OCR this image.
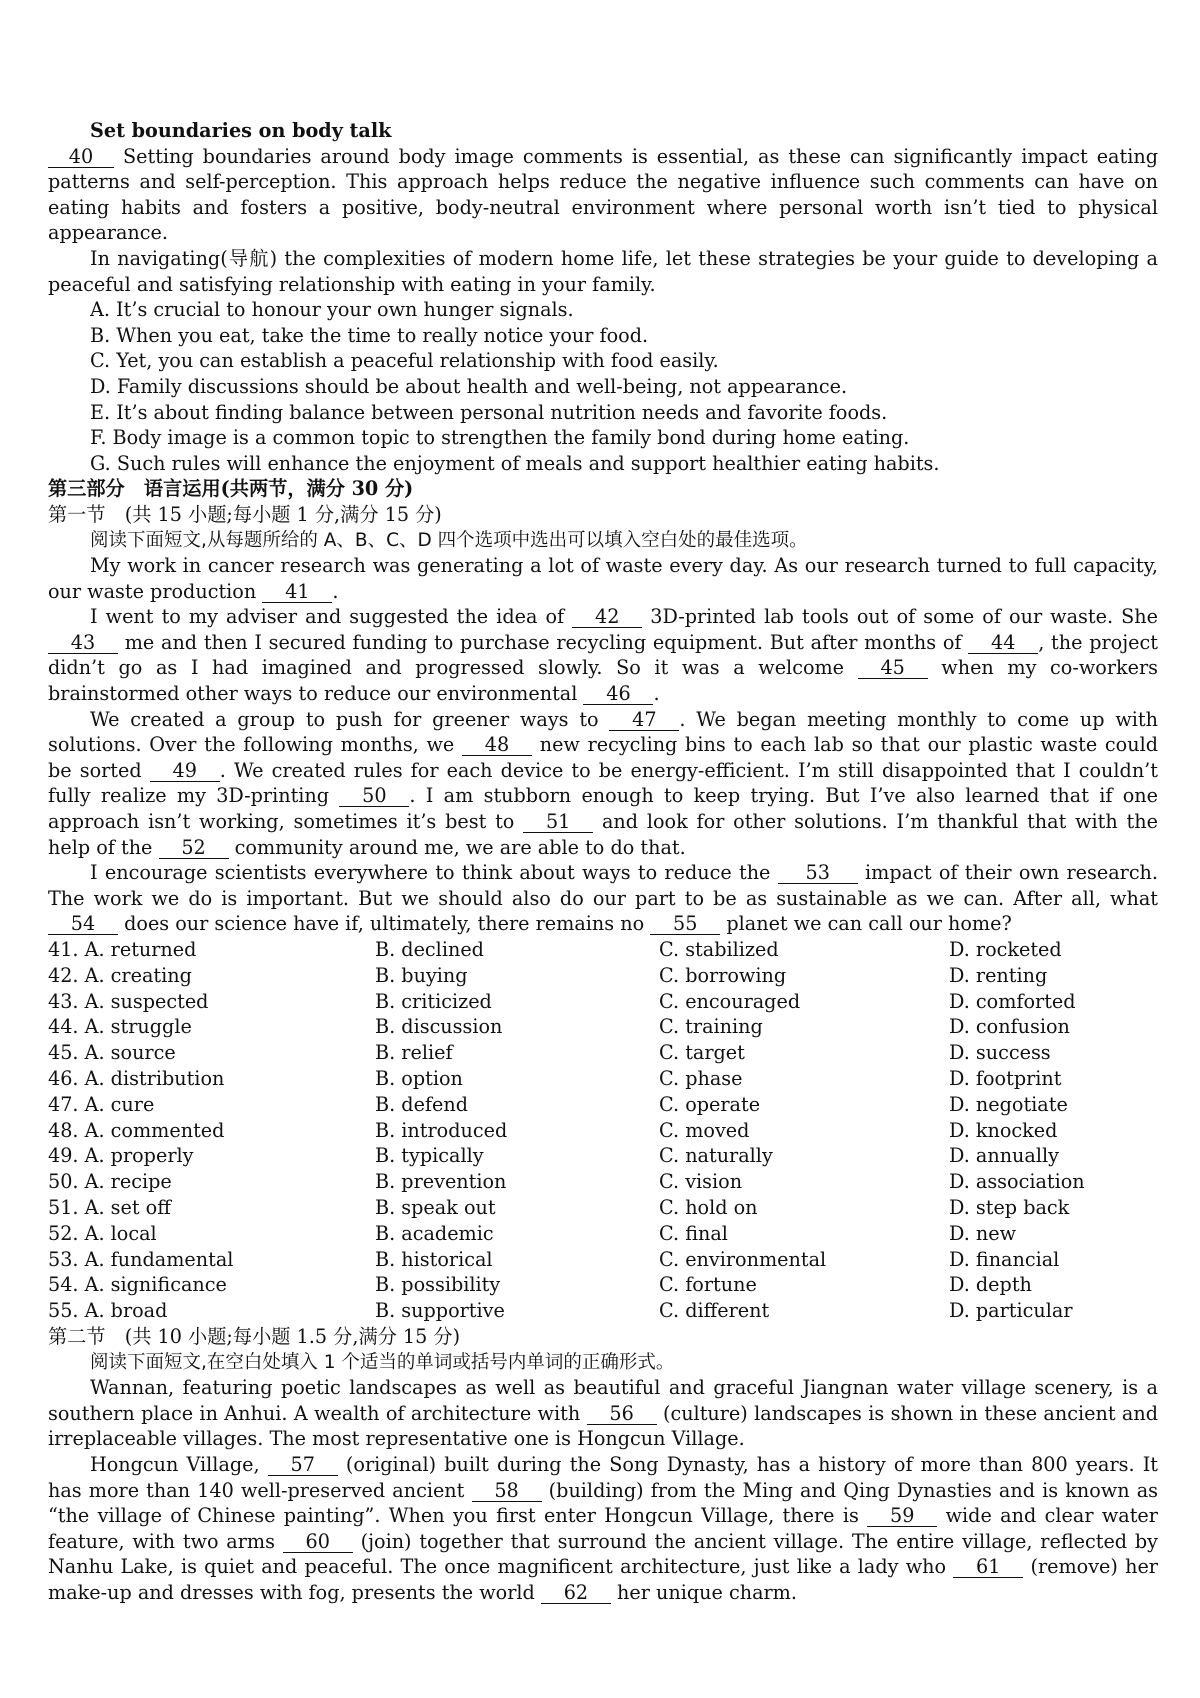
Set boundaries on body talk

40 Setting boundaries around body image comments is essential, as these can significantly impact eating patterns and self-perception. This approach helps reduce the negative influence such comments can have on eating habits and fosters a positive, body-neutral environment where personal worth isn’t tied to physical appearance.

In navigating(导航) the complexities of modern home life, let these strategies be your guide to developing a peaceful and satisfying relationship with eating in your family.

A. It’s crucial to honour your own hunger signals.

B. When you eat, take the time to really notice your food.

C. Yet, you can establish a peaceful relationship with food easily.

D. Family discussions should be about health and well-being, not appearance.

E. It’s about finding balance between personal nutrition needs and favorite foods.

F. Body image is a common topic to strengthen the family bond during home eating.

G. Such rules will enhance the enjoyment of meals and support healthier eating habits.

第三部分　语言运用(共两节，满分 30 分)

第一节　(共 15 小题;每小题 1 分,满分 15 分)

阅读下面短文,从每题所给的 A、B、C、D 四个选项中选出可以填入空白处的最佳选项。

My work in cancer research was generating a lot of waste every day. As our research turned to full capacity, our waste production 41 .

I went to my adviser and suggested the idea of 42 3D-printed lab tools out of some of our waste. She 43 me and then I secured funding to purchase recycling equipment. But after months of 44 , the project didn’t go as I had imagined and progressed slowly. So it was a welcome 45 when my co-workers brainstormed other ways to reduce our environmental 46 .

We created a group to push for greener ways to 47 . We began meeting monthly to come up with solutions. Over the following months, we 48 new recycling bins to each lab so that our plastic waste could be sorted 49 . We created rules for each device to be energy-efficient. I’m still disappointed that I couldn’t fully realize my 3D-printing 50 . I am stubborn enough to keep trying. But I’ve also learned that if one approach isn’t working, sometimes it’s best to 51 and look for other solutions. I’m thankful that with the help of the 52 community around me, we are able to do that.

I encourage scientists everywhere to think about ways to reduce the 53 impact of their own research. The work we do is important. But we should also do our part to be as sustainable as we can. After all, what 54 does our science have if, ultimately, there remains no 55 planet we can call our home?

41. A. returned	B. declined	C. stabilized	D. rocketed
42. A. creating	B. buying	C. borrowing	D. renting
43. A. suspected	B. criticized	C. encouraged	D. comforted
44. A. struggle	B. discussion	C. training	D. confusion
45. A. source	B. relief	C. target	D. success
46. A. distribution	B. option	C. phase	D. footprint
47. A. cure	B. defend	C. operate	D. negotiate
48. A. commented	B. introduced	C. moved	D. knocked
49. A. properly	B. typically	C. naturally	D. annually
50. A. recipe	B. prevention	C. vision	D. association
51. A. set off	B. speak out	C. hold on	D. step back
52. A. local	B. academic	C. final	D. new
53. A. fundamental	B. historical	C. environmental	D. financial
54. A. significance	B. possibility	C. fortune	D. depth
55. A. broad	B. supportive	C. different	D. particular

第二节　(共 10 小题;每小题 1.5 分,满分 15 分)

阅读下面短文,在空白处填入 1 个适当的单词或括号内单词的正确形式。

Wannan, featuring poetic landscapes as well as beautiful and graceful Jiangnan water village scenery, is a southern place in Anhui. A wealth of architecture with 56 (culture) landscapes is shown in these ancient and irreplaceable villages. The most representative one is Hongcun Village.

Hongcun Village, 57 (original) built during the Song Dynasty, has a history of more than 800 years. It has more than 140 well-preserved ancient 58 (building) from the Ming and Qing Dynasties and is known as “the village of Chinese painting”. When you first enter Hongcun Village, there is 59 wide and clear water feature, with two arms 60 (join) together that surround the ancient village. The entire village, reflected by Nanhu Lake, is quiet and peaceful. The once magnificent architecture, just like a lady who 61 (remove) her make-up and dresses with fog, presents the world 62 her unique charm.
